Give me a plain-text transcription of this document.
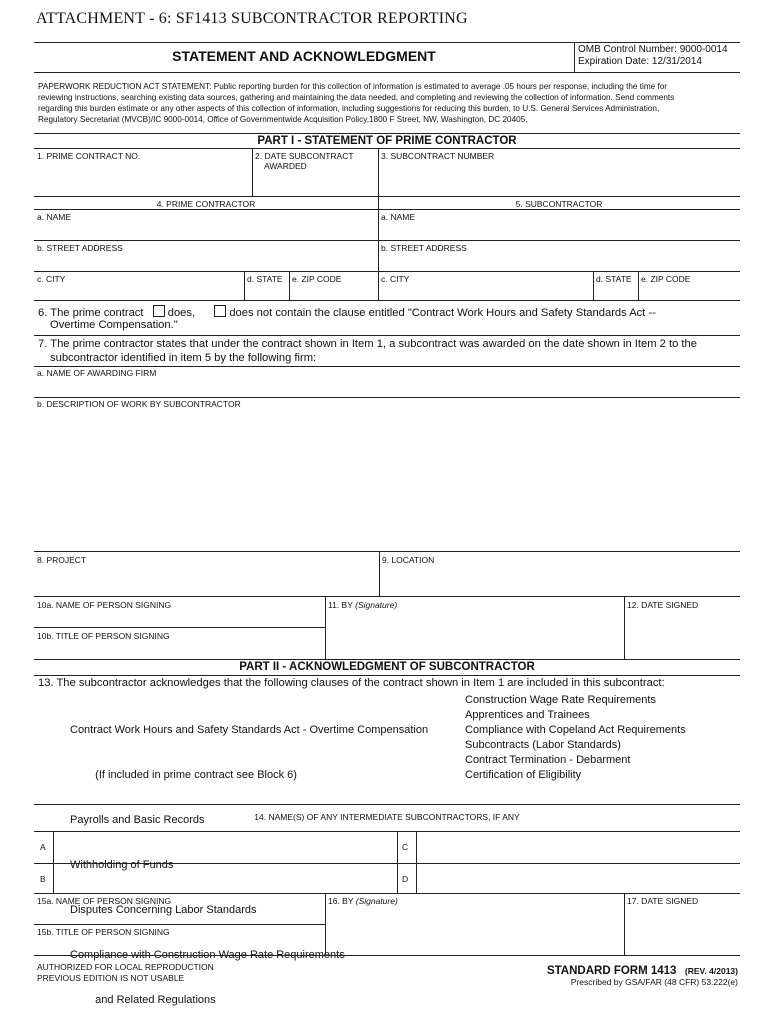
ATTACHMENT - 6: SF1413 SUBCONTRACTOR REPORTING
STATEMENT AND ACKNOWLEDGMENT	OMB Control Number: 9000-0014
Expiration Date: 12/31/2014
PAPERWORK REDUCTION ACT STATEMENT: Public reporting burden for this collection of information is estimated to average .05 hours per response, including the time for
reviewing instructions, searching existing data sources, gathering and maintaining the data needed, and completing and reviewing the collection of information. Send comments
regarding this burden estimate or any other aspects of this collection of information, including suggestions for reducing this burden, to U.S. General Services Administration,
Regulatory Secretariat (MVCB)/IC 9000-0014, Office of Governmentwide Acquisition Policy,1800 F Street, NW, Washington, DC 20405.
PART I - STATEMENT OF PRIME CONTRACTOR
1. PRIME CONTRACT NO.	2. DATE SUBCONTRACT
AWARDED
3. SUBCONTRACT NUMBER
4. PRIME CONTRACTOR	5. SUBCONTRACTOR
a. NAME	a. NAME
b. STREET ADDRESS	b. STREET ADDRESS
c. CITY	d. STATE e. ZIP CODE	c. CITY	d. STATE e. ZIP CODE
6. The prime contract does,	does not contain the clause entitled "Contract Work Hours and Safety Standards Act --
Overtime Compensation."
7. The prime contractor states that under the contract shown in Item 1, a subcontract was awarded on the date shown in Item 2 to the
subcontractor identified in item 5 by the following firm:
a. NAME OF AWARDING FIRM
b. DESCRIPTION OF WORK BY SUBCONTRACTOR
8. PROJECT	9. LOCATION
10a. NAME OF PERSON SIGNING	11. BY (Signature)	12. DATE SIGNED
10b. TITLE OF PERSON SIGNING
PART II - ACKNOWLEDGMENT OF SUBCONTRACTOR
13. The subcontractor acknowledges that the following clauses of the contract shown in Item 1 are included in this subcontract:

Contract Work Hours and Safety Standards Act - Overtime Compensation

(If included in prime contract see Block 6)

Payrolls and Basic Records

Withholding of Funds

Disputes Concerning Labor Standards

Compliance with Construction Wage Rate Requirements

and Related Regulations

Construction Wage Rate Requirements
Apprentices and Trainees
Compliance with Copeland Act Requirements
Subcontracts (Labor Standards)
Contract Termination - Debarment
Certification of Eligibility
14. NAME(S) OF ANY INTERMEDIATE SUBCONTRACTORS, IF ANY
A	C
B	D
15a. NAME OF PERSON SIGNING	16. BY (Signature)	17. DATE SIGNED
15b. TITLE OF PERSON SIGNING
AUTHORIZED FOR LOCAL REPRODUCTION
PREVIOUS EDITION IS NOT USABLE
STANDARD FORM 1413 (REV. 4/2013)
Prescribed by GSA/FAR (48 CFR) 53.222(e)
